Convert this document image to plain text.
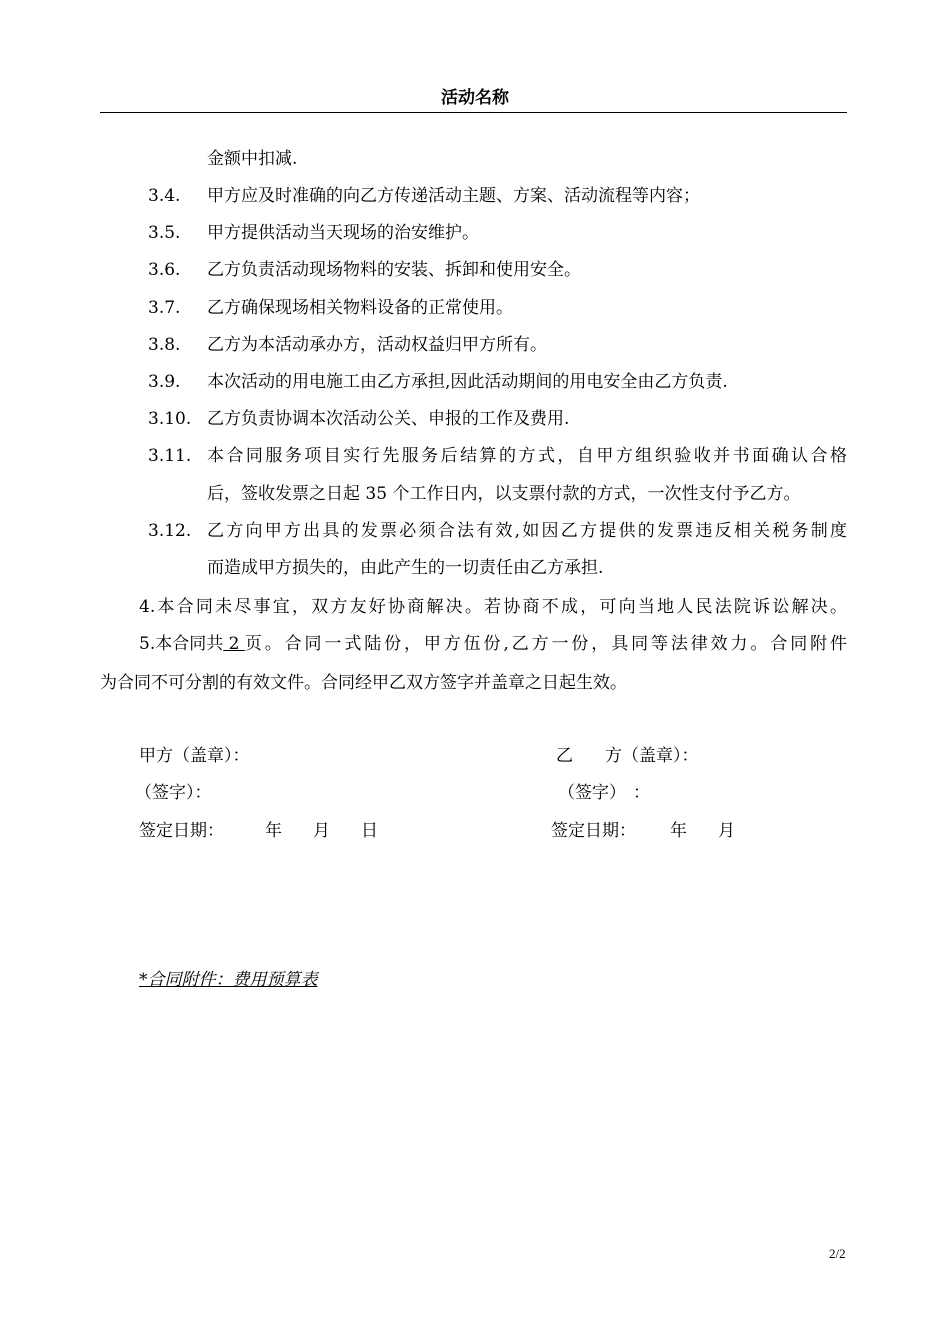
活动名称
金额中扣减.
3.4. 甲方应及时准确的向乙方传递活动主题、方案、活动流程等内容；
3.5. 甲方提供活动当天现场的治安维护。
3.6. 乙方负责活动现场物料的安装、拆卸和使用安全。
3.7. 乙方确保现场相关物料设备的正常使用。
3.8. 乙方为本活动承办方，活动权益归甲方所有。
3.9. 本次活动的用电施工由乙方承担,因此活动期间的用电安全由乙方负责.
3.10. 乙方负责协调本次活动公关、申报的工作及费用.
3.11. 本合同服务项目实行先服务后结算的方式，自甲方组织验收并书面确认合格
后，签收发票之日起 35 个工作日内，以支票付款的方式，一次性支付予乙方。
3.12. 乙方向甲方出具的发票必须合法有效,如因乙方提供的发票违反相关税务制度
而造成甲方损失的，由此产生的一切责任由乙方承担.
4.本合同未尽事宜，双方友好协商解决。若协商不成，可向当地人民法院诉讼解决。
5.本合同共 2 页。合同一式陆份，甲方伍份,乙方一份，具同等法律效力。合同附件
为合同不可分割的有效文件。合同经甲乙双方签字并盖章之日起生效。
甲方（盖章）：
（签字）：
签定日期： 年 月 日
乙 方（盖章）：
（签字） ：
签定日期： 年 月
*合同附件：费用预算表
2/2
